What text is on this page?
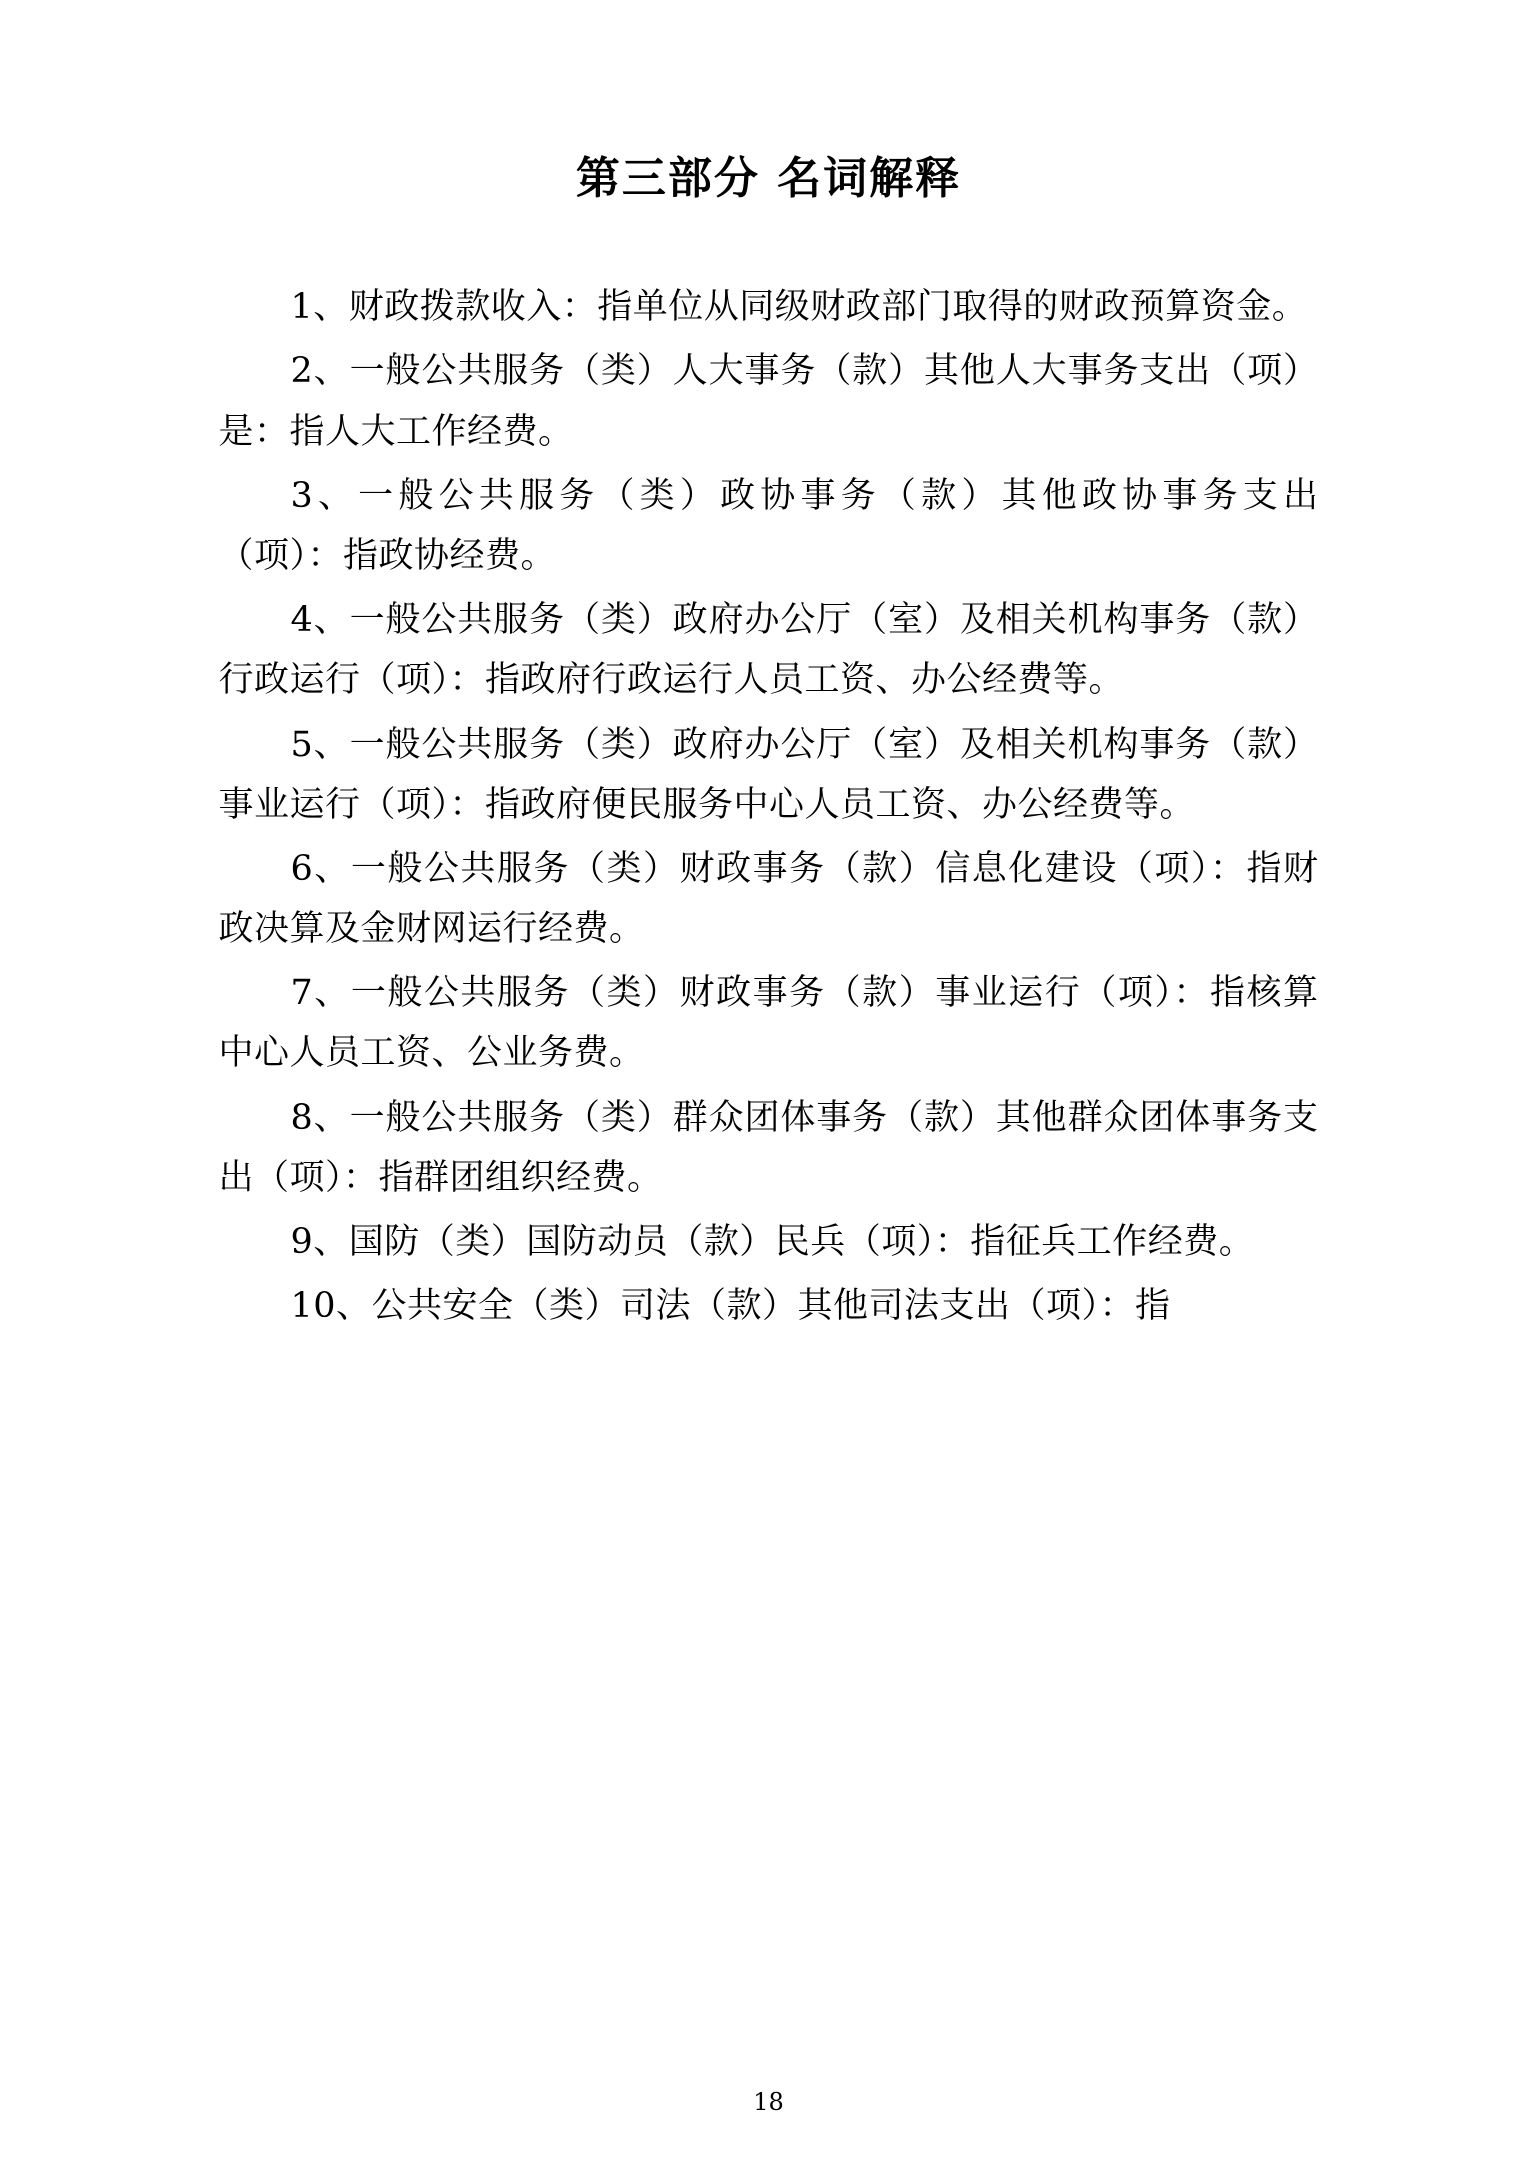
第三部分 名词解释

1、财政拨款收入：指单位从同级财政部门取得的财政预算资金。

2、一般公共服务（类）人大事务（款）其他人大事务支出（项）是：指人大工作经费。

3、一般公共服务（类）政协事务（款）其他政协事务支出（项）：指政协经费。

4、一般公共服务（类）政府办公厅（室）及相关机构事务（款）行政运行（项）：指政府行政运行人员工资、办公经费等。

5、一般公共服务（类）政府办公厅（室）及相关机构事务（款）事业运行（项）：指政府便民服务中心人员工资、办公经费等。

6、一般公共服务（类）财政事务（款）信息化建设（项）：指财政决算及金财网运行经费。

7、一般公共服务（类）财政事务（款）事业运行（项）：指核算中心人员工资、公业务费。

8、一般公共服务（类）群众团体事务（款）其他群众团体事务支出（项）：指群团组织经费。

9、国防（类）国防动员（款）民兵（项）：指征兵工作经费。

10、公共安全（类）司法（款）其他司法支出（项）：指

18
